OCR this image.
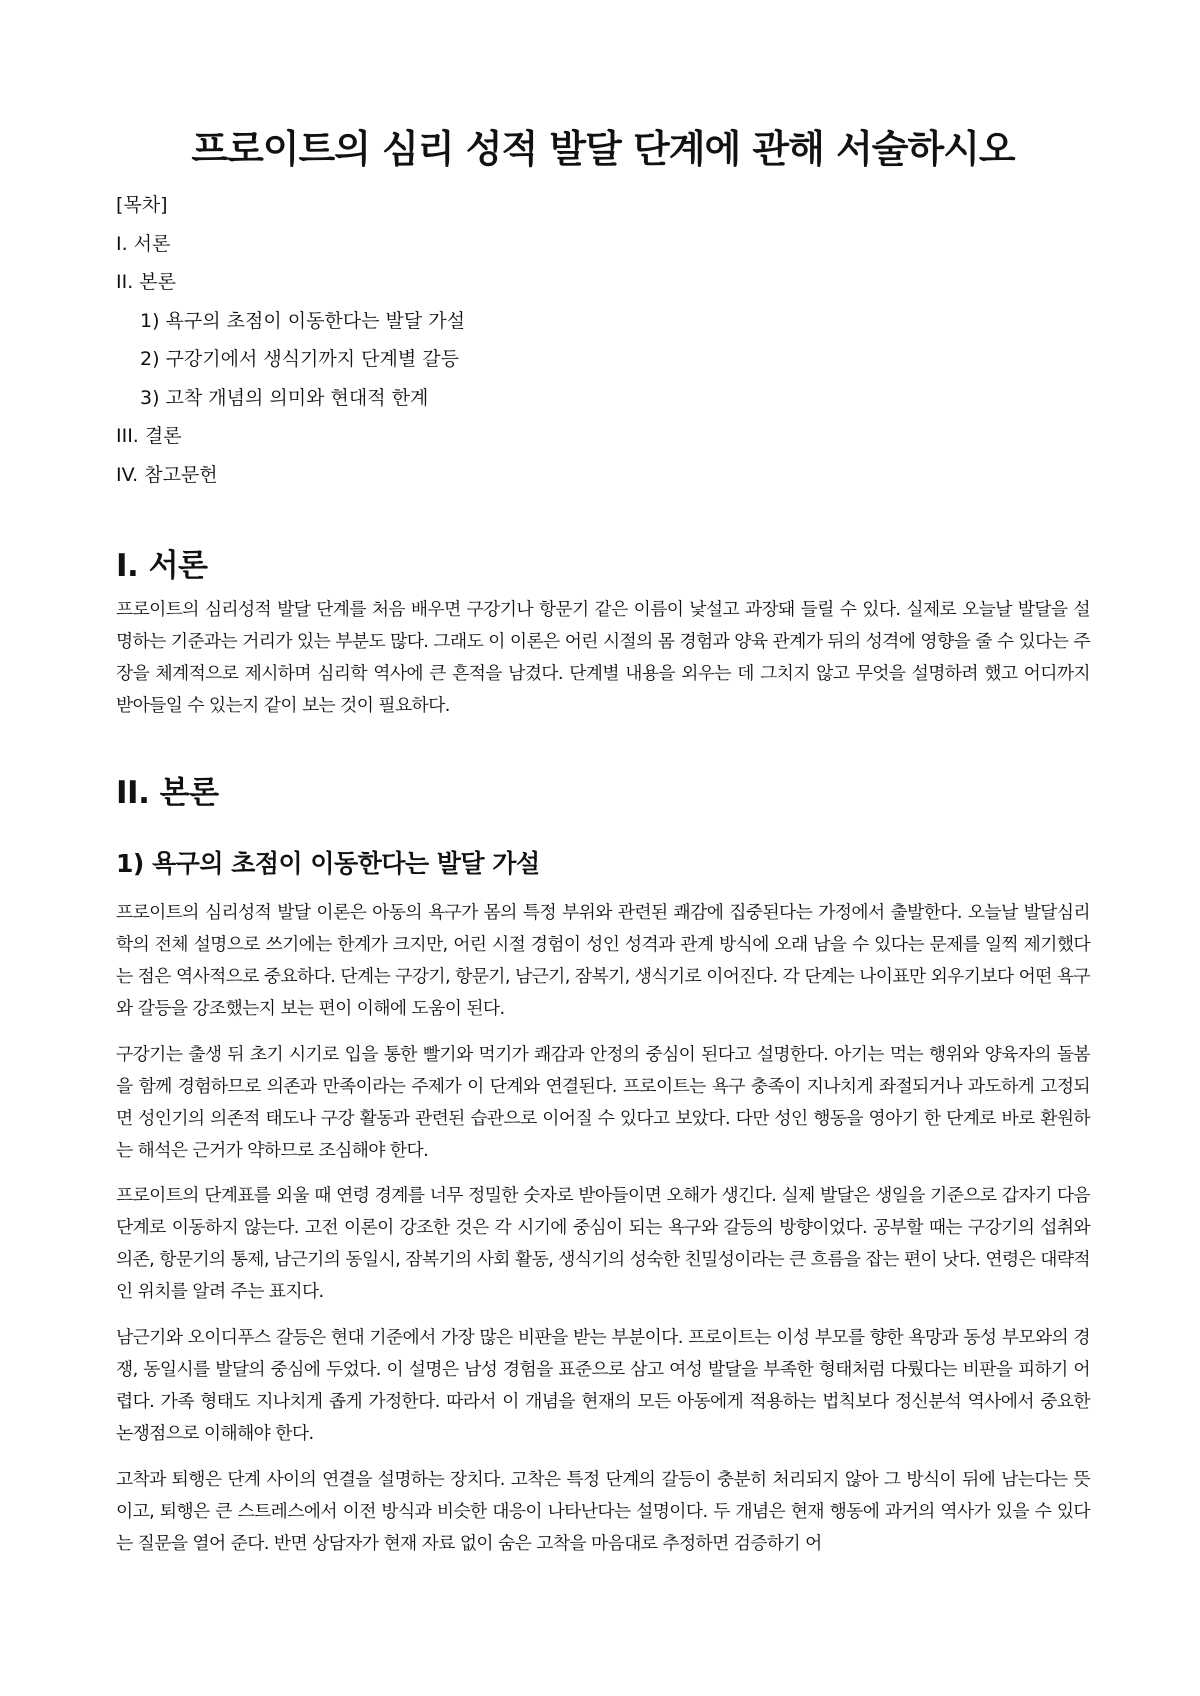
프로이트의 심리 성적 발달 단계에 관해 서술하시오
[목차]
I. 서론
II. 본론
1) 욕구의 초점이 이동한다는 발달 가설
2) 구강기에서 생식기까지 단계별 갈등
3) 고착 개념의 의미와 현대적 한계
III. 결론
IV. 참고문헌
I. 서론

프로이트의 심리성적 발달 단계를 처음 배우면 구강기나 항문기 같은 이름이 낯설고 과장돼 들릴 수 있다. 실제로 오늘날 발달을 설명하는 기준과는 거리가 있는 부분도 많다. 그래도 이 이론은 어린 시절의 몸 경험과 양육 관계가 뒤의 성격에 영향을 줄 수 있다는 주장을 체계적으로 제시하며 심리학 역사에 큰 흔적을 남겼다. 단계별 내용을 외우는 데 그치지 않고 무엇을 설명하려 했고 어디까지 받아들일 수 있는지 같이 보는 것이 필요하다.

II. 본론
1) 욕구의 초점이 이동한다는 발달 가설

프로이트의 심리성적 발달 이론은 아동의 욕구가 몸의 특정 부위와 관련된 쾌감에 집중된다는 가정에서 출발한다. 오늘날 발달심리학의 전체 설명으로 쓰기에는 한계가 크지만, 어린 시절 경험이 성인 성격과 관계 방식에 오래 남을 수 있다는 문제를 일찍 제기했다는 점은 역사적으로 중요하다. 단계는 구강기, 항문기, 남근기, 잠복기, 생식기로 이어진다. 각 단계는 나이표만 외우기보다 어떤 욕구와 갈등을 강조했는지 보는 편이 이해에 도움이 된다.

구강기는 출생 뒤 초기 시기로 입을 통한 빨기와 먹기가 쾌감과 안정의 중심이 된다고 설명한다. 아기는 먹는 행위와 양육자의 돌봄을 함께 경험하므로 의존과 만족이라는 주제가 이 단계와 연결된다. 프로이트는 욕구 충족이 지나치게 좌절되거나 과도하게 고정되면 성인기의 의존적 태도나 구강 활동과 관련된 습관으로 이어질 수 있다고 보았다. 다만 성인 행동을 영아기 한 단계로 바로 환원하는 해석은 근거가 약하므로 조심해야 한다.

프로이트의 단계표를 외울 때 연령 경계를 너무 정밀한 숫자로 받아들이면 오해가 생긴다. 실제 발달은 생일을 기준으로 갑자기 다음 단계로 이동하지 않는다. 고전 이론이 강조한 것은 각 시기에 중심이 되는 욕구와 갈등의 방향이었다. 공부할 때는 구강기의 섭취와 의존, 항문기의 통제, 남근기의 동일시, 잠복기의 사회 활동, 생식기의 성숙한 친밀성이라는 큰 흐름을 잡는 편이 낫다. 연령은 대략적인 위치를 알려 주는 표지다.

남근기와 오이디푸스 갈등은 현대 기준에서 가장 많은 비판을 받는 부분이다. 프로이트는 이성 부모를 향한 욕망과 동성 부모와의 경쟁, 동일시를 발달의 중심에 두었다. 이 설명은 남성 경험을 표준으로 삼고 여성 발달을 부족한 형태처럼 다뤘다는 비판을 피하기 어렵다. 가족 형태도 지나치게 좁게 가정한다. 따라서 이 개념을 현재의 모든 아동에게 적용하는 법칙보다 정신분석 역사에서 중요한 논쟁점으로 이해해야 한다.

고착과 퇴행은 단계 사이의 연결을 설명하는 장치다. 고착은 특정 단계의 갈등이 충분히 처리되지 않아 그 방식이 뒤에 남는다는 뜻이고, 퇴행은 큰 스트레스에서 이전 방식과 비슷한 대응이 나타난다는 설명이다. 두 개념은 현재 행동에 과거의 역사가 있을 수 있다는 질문을 열어 준다. 반면 상담자가 현재 자료 없이 숨은 고착을 마음대로 추정하면 검증하기 어
